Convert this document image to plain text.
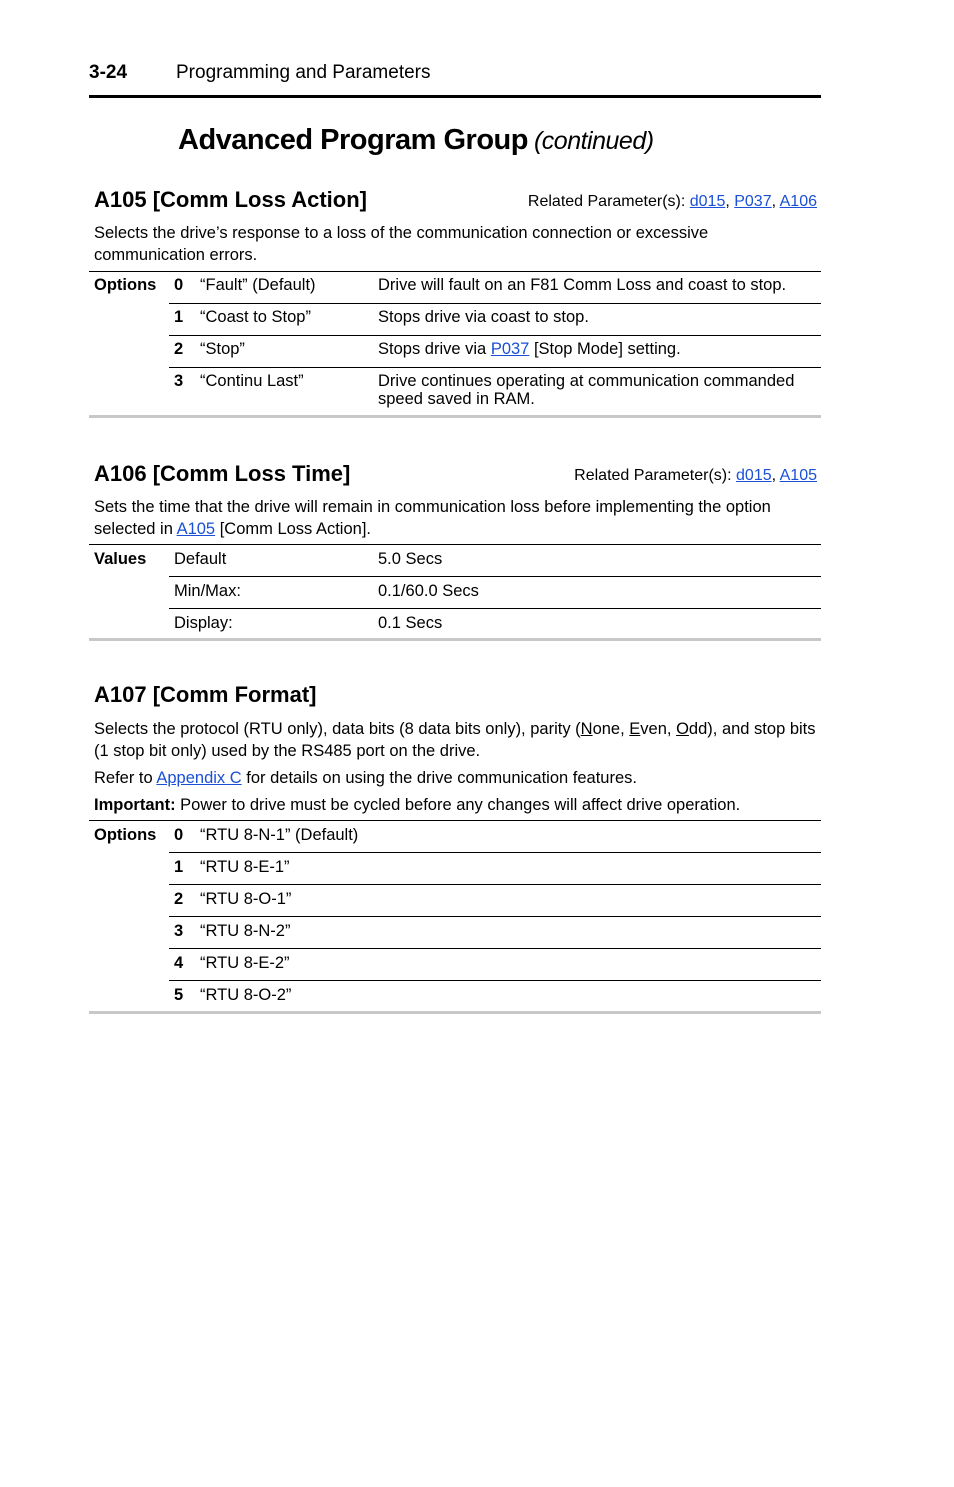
3-24	Programming and Parameters
Advanced Program Group (continued)
A105 [Comm Loss Action]	Related Parameter(s): d015, P037, A106
Selects the drive’s response to a loss of the communication connection or excessive communication errors.
Options 0 “Fault” (Default)	Drive will fault on an F81 Comm Loss and coast to stop.
1 “Coast to Stop”	Stops drive via coast to stop.
2 “Stop”	Stops drive via P037 [Stop Mode] setting.
3 “Continu Last”	Drive continues operating at communication commanded speed saved in RAM.
A106 [Comm Loss Time]	Related Parameter(s): d015, A105
Sets the time that the drive will remain in communication loss before implementing the option selected in A105 [Comm Loss Action].
Values Default	5.0 Secs
Min/Max:	0.1/60.0 Secs
Display:	0.1 Secs
A107 [Comm Format]
Selects the protocol (RTU only), data bits (8 data bits only), parity (None, Even, Odd), and stop bits (1 stop bit only) used by the RS485 port on the drive.
Refer to Appendix C for details on using the drive communication features.
Important: Power to drive must be cycled before any changes will affect drive operation.
Options 0 “RTU 8-N-1” (Default)
1 “RTU 8-E-1”
2 “RTU 8-O-1”
3 “RTU 8-N-2”
4 “RTU 8-E-2”
5 “RTU 8-O-2”
